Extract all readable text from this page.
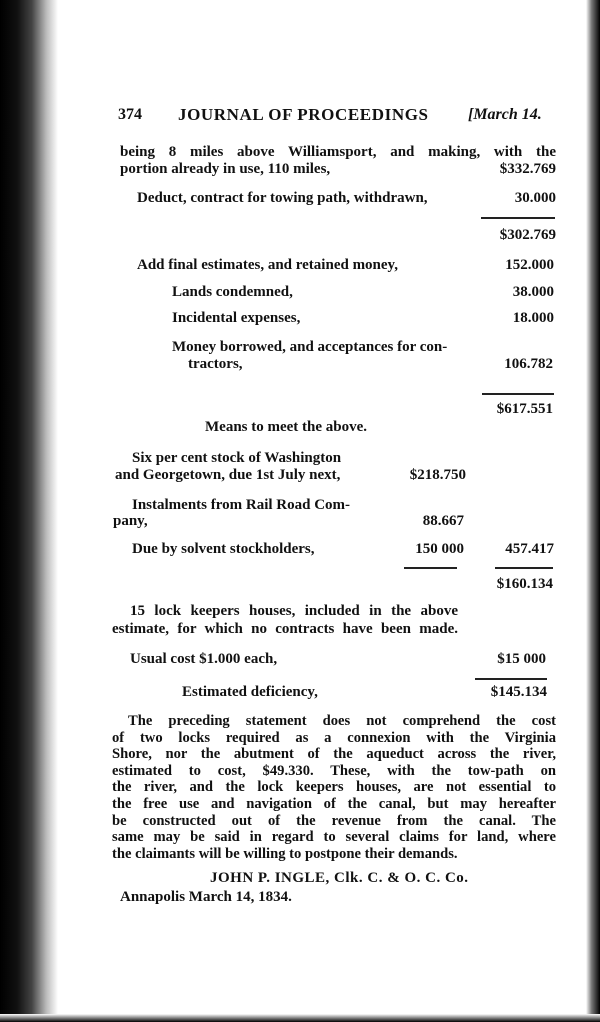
374 JOURNAL OF PROCEEDINGS [March 14.
being 8 miles above Williamsport, and making, with the
portion already in use, 110 miles,	$332.769
Deduct, contract for towing path, withdrawn,	30.000
$302.769
Add final estimates, and retained money,	152.000
Lands condemned,	38.000
Incidental expenses,	18.000
Money borrowed, and acceptances for con-
tractors,	106.782
$617.551
Means to meet the above.
Six per cent stock of Washington
and Georgetown, due 1st July next,	$218.750
Instalments from Rail Road Com-
pany,	88.667
Due by solvent stockholders,	150 000	457.417
$160.134
15 lock keepers houses, included in the above
estimate, for which no contracts have been made.
Usual cost $1.000 each,	$15 000
Estimated deficiency,	$145.134
The preceding statement does not comprehend the cost
of two locks required as a connexion with the Virginia
Shore, nor the abutment of the aqueduct across the river,
estimated to cost, $49.330. These, with the tow-path on
the river, and the lock keepers houses, are not essential to
the free use and navigation of the canal, but may hereafter
be constructed out of the revenue from the canal. The
same may be said in regard to several claims for land, where
the claimants will be willing to postpone their demands.
JOHN P. INGLE, Clk. C. & O. C. Co.
Annapolis March 14, 1834.
